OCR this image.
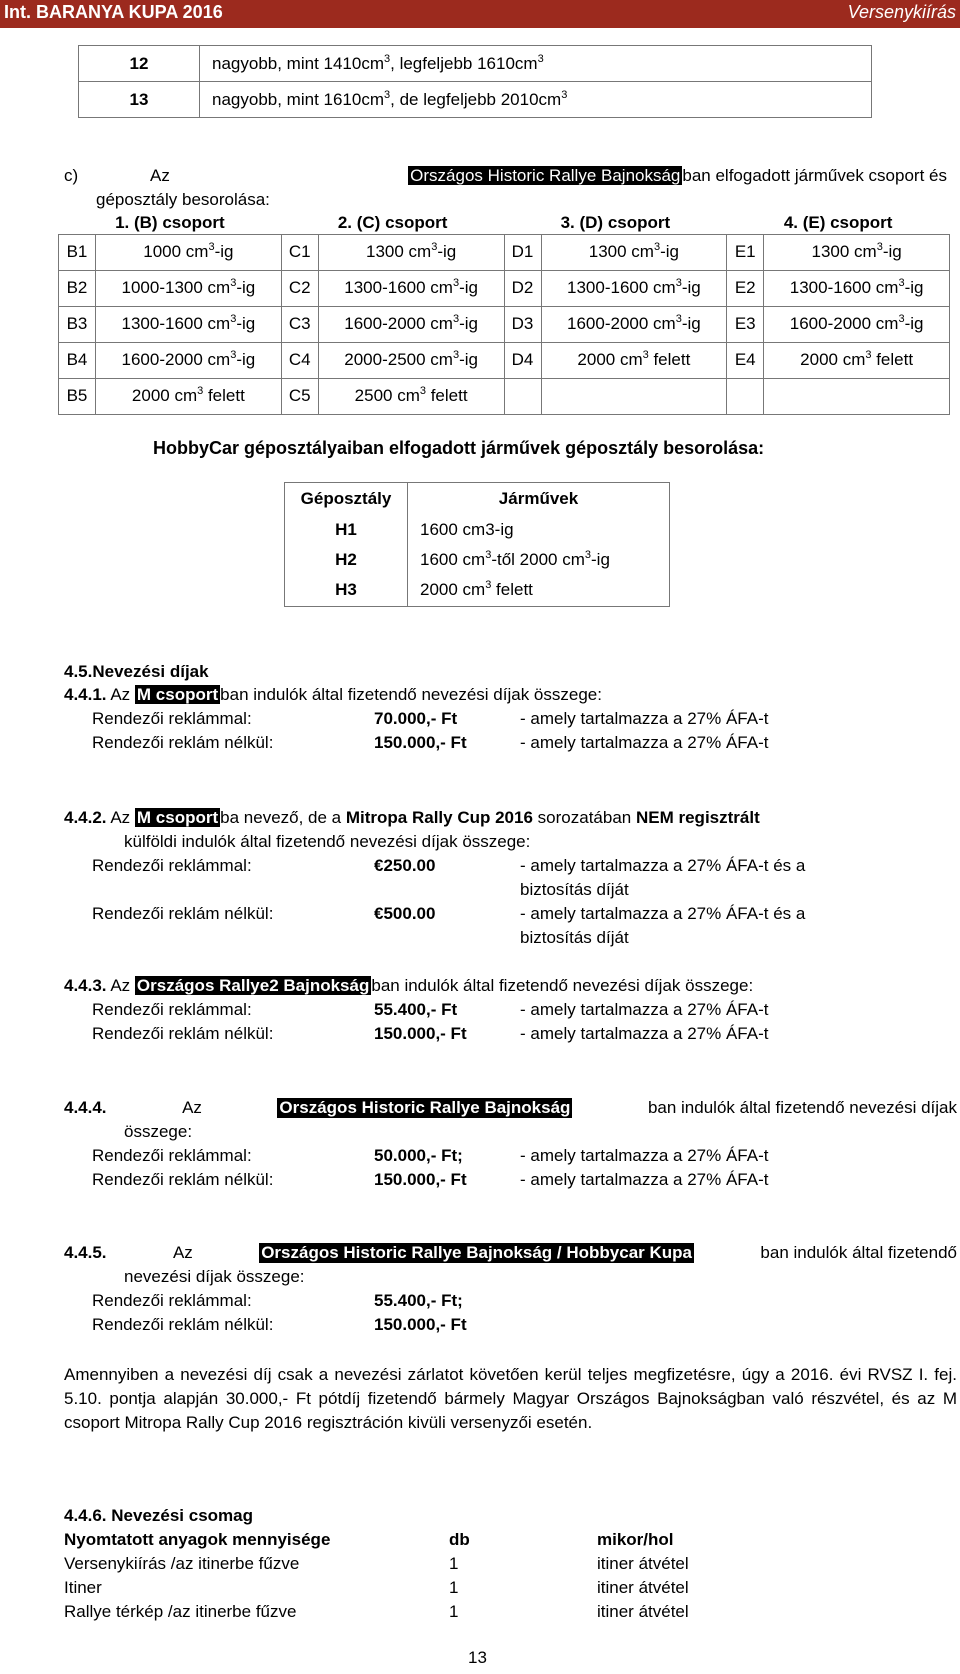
Int. BARANYA KUPA 2016	Versenykiírás
12	nagyobb, mint $1410cm^3$, legfeljebb $1610cm^3$
13	nagyobb, mint $1610cm^3$, de legfeljebb $2010cm^3$
c)	Az	Országos Historic Rallye Bajnokság ban elfogadott járművek csoport és
géposztály besorolása:
1. (B) csoport		2. (C) csoport		3. (D) csoport		4. (E) csoport	
B1	1000 $cm^3-ig$	C1	1300 $cm^3-ig$	D1	1300 $cm^3-ig$	E1	1300 $cm^3-ig$
B2	1000-1300 $cm^3-ig$	C2	1300-1600 $cm^3-ig$	D2	1300-1600 $cm^3-ig$	E2	1300-1600 $cm^3-ig$
B3	1300-1600 $cm^3-ig$	C3	1600-2000 $cm^3-ig$	D3	1600-2000 $cm^3-ig$	E3	1600-2000 $cm^3-ig$
B4	1600-2000 $cm^3-ig$	C4	2000-2500 $cm^3-ig$	D4	2000 $cm^3$ felett	E4	2000 $cm^3$ felett
B5	2000 $cm^3$ felett	C5	2500 $cm^3$ felett				
HobbyCar géposztályaiban elfogadott járművek géposztály besorolása:
Géposztály	Járművek
H1	1600 cm3-ig
H2	1600 $cm^3$-től 2000 $cm^3-ig$
H3	2000 $cm^3$ felett
4.5.Nevezési díjak
4.4.1. Az M csoport ban indulók által fizetendő nevezési díjak összege:
Rendezői reklámmal:	70.000,- Ft	- amely tartalmazza a 27% ÁFA-t
Rendezői reklám nélkül:	150.000,- Ft	- amely tartalmazza a 27% ÁFA-t
4.4.2. Az M csoport ba nevező, de a Mitropa Rally Cup 2016 sorozatában NEM regisztrált
külföldi indulók által fizetendő nevezési díjak összege:
Rendezői reklámmal:	€250.00	- amely tartalmazza a 27% ÁFA-t és a
biztosítás díját
Rendezői reklám nélkül:	€500.00	- amely tartalmazza a 27% ÁFA-t és a
biztosítás díját
4.4.3. Az Országos Rallye2 Bajnokság ban indulók által fizetendő nevezési díjak összege:
Rendezői reklámmal:	55.400,- Ft	- amely tartalmazza a 27% ÁFA-t
Rendezői reklám nélkül:	150.000,- Ft	- amely tartalmazza a 27% ÁFA-t
4.4.4.	Az	Országos Historic Rallye Bajnokság	ban indulók által fizetendő nevezési díjak
összege:
Rendezői reklámmal:	50.000,- Ft;	- amely tartalmazza a 27% ÁFA-t
Rendezői reklám nélkül:	150.000,- Ft	- amely tartalmazza a 27% ÁFA-t
4.4.5.	Az	Országos Historic Rallye Bajnokság / Hobbycar Kupa	ban indulók által fizetendő
nevezési díjak összege:
Rendezői reklámmal:	55.400,- Ft;
Rendezői reklám nélkül:	150.000,- Ft
Amennyiben a nevezési díj csak a nevezési zárlatot követően kerül teljes megfizetésre, úgy a 2016. évi RVSZ I. fej. 5.10. pontja alapján 30.000,- Ft pótdíj fizetendő bármely Magyar Országos Bajnokságban való részvétel, és az M csoport Mitropa Rally Cup 2016 regisztráción kivüli versenyzői esetén.
4.4.6. Nevezési csomag
Nyomtatott anyagok mennyisége	db	mikor/hol
Versenykiírás /az itinerbe fűzve	1	itiner átvétel
Itiner	1	itiner átvétel
Rallye térkép /az itinerbe fűzve	1	itiner átvétel
13
